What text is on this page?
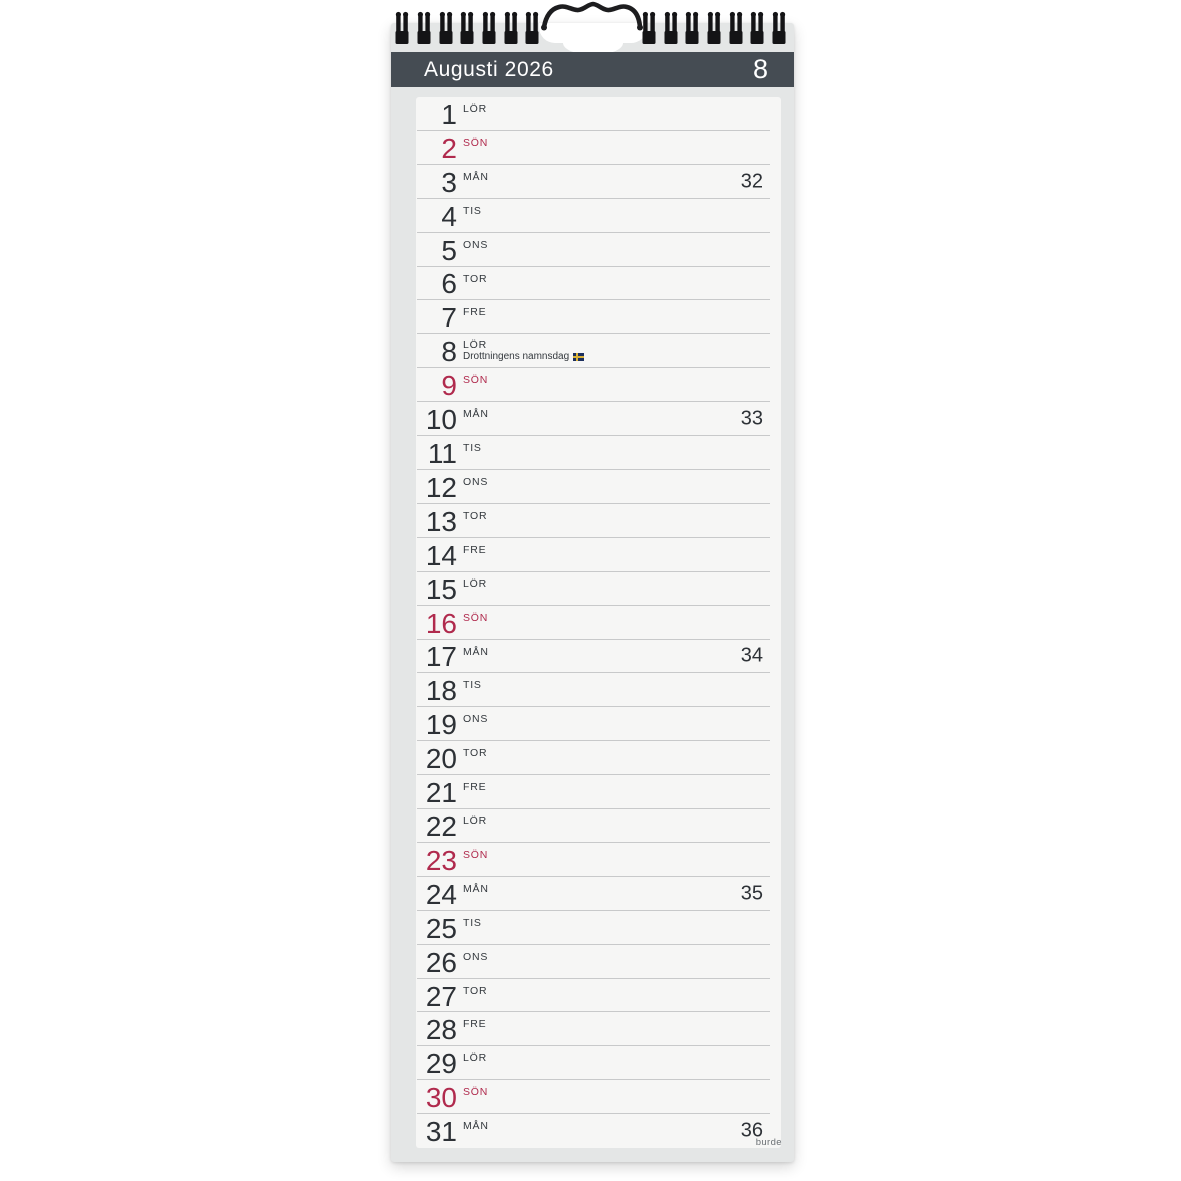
Augusti 2026	8
1 LÖR
2 SÖN
3 MÅN	32
4 TIS
5 ONS
6 TOR
7 FRE
8 LÖR
Drottningens namnsdag
9 SÖN
10 MÅN	33
11 TIS
12 ONS
13 TOR
14 FRE
15 LÖR
16 SÖN
17 MÅN	34
18 TIS
19 ONS
20 TOR
21 FRE
22 LÖR
23 SÖN
24 MÅN	35
25 TIS
26 ONS
27 TOR
28 FRE
29 LÖR
30 SÖN
31 MÅN	36
burde
